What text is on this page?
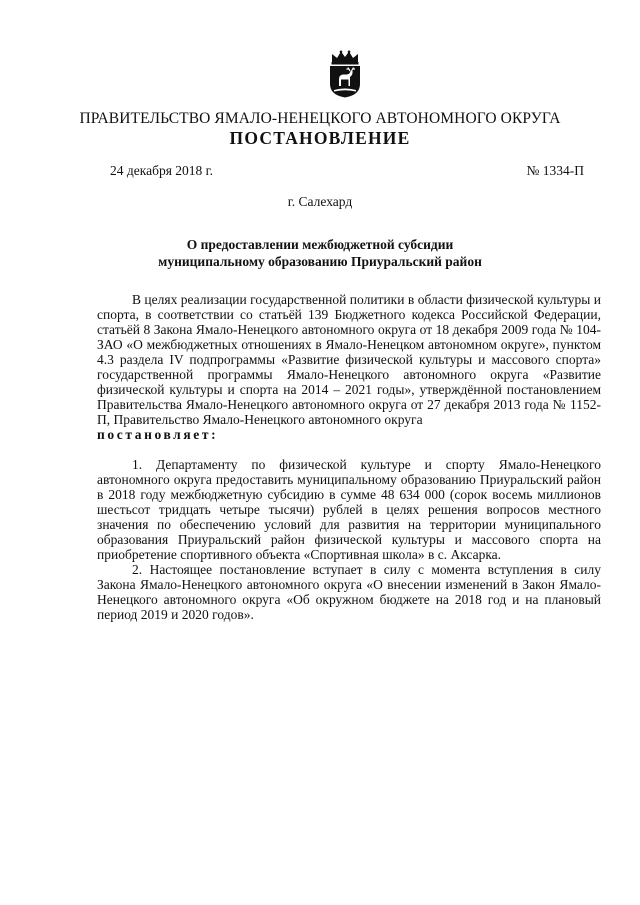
ПРАВИТЕЛЬСТВО ЯМАЛО-НЕНЕЦКОГО АВТОНОМНОГО ОКРУГА
ПОСТАНОВЛЕНИЕ
24 декабря 2018 г.	№ 1334-П
г. Салехард
О предоставлении межбюджетной субсидии
муниципальному образованию Приуральский район

В целях реализации государственной политики в области физической культуры и спорта, в соответствии со статьёй 139 Бюджетного кодекса Российской Федерации, статьёй 8 Закона Ямало-Ненецкого автономного округа от 18 декабря 2009 года № 104-ЗАО «О межбюджетных отношениях в Ямало-Ненецком автономном округе», пунктом 4.3 раздела IV подпрограммы «Развитие физической культуры и массового спорта» государственной программы Ямало-Ненецкого автономного округа «Развитие физической культуры и спорта на 2014 – 2021 годы», утверждённой постановлением Правительства Ямало-Ненецкого автономного округа от 27 декабря 2013 года № 1152-П, Правительство Ямало-Ненецкого автономного округа
постановляет:

1. Департаменту по физической культуре и спорту Ямало-Ненецкого автономного округа предоставить муниципальному образованию Приуральский район в 2018 году межбюджетную субсидию в сумме 48 634 000 (сорок восемь миллионов шестьсот тридцать четыре тысячи) рублей в целях решения вопросов местного значения по обеспечению условий для развития на территории муниципального образования Приуральский район физической культуры и массового спорта на приобретение спортивного объекта «Спортивная школа» в с. Аксарка.

2. Настоящее постановление вступает в силу с момента вступления в силу Закона Ямало-Ненецкого автономного округа «О внесении изменений в Закон Ямало-Ненецкого автономного округа «Об окружном бюджете на 2018 год и на плановый период 2019 и 2020 годов».
